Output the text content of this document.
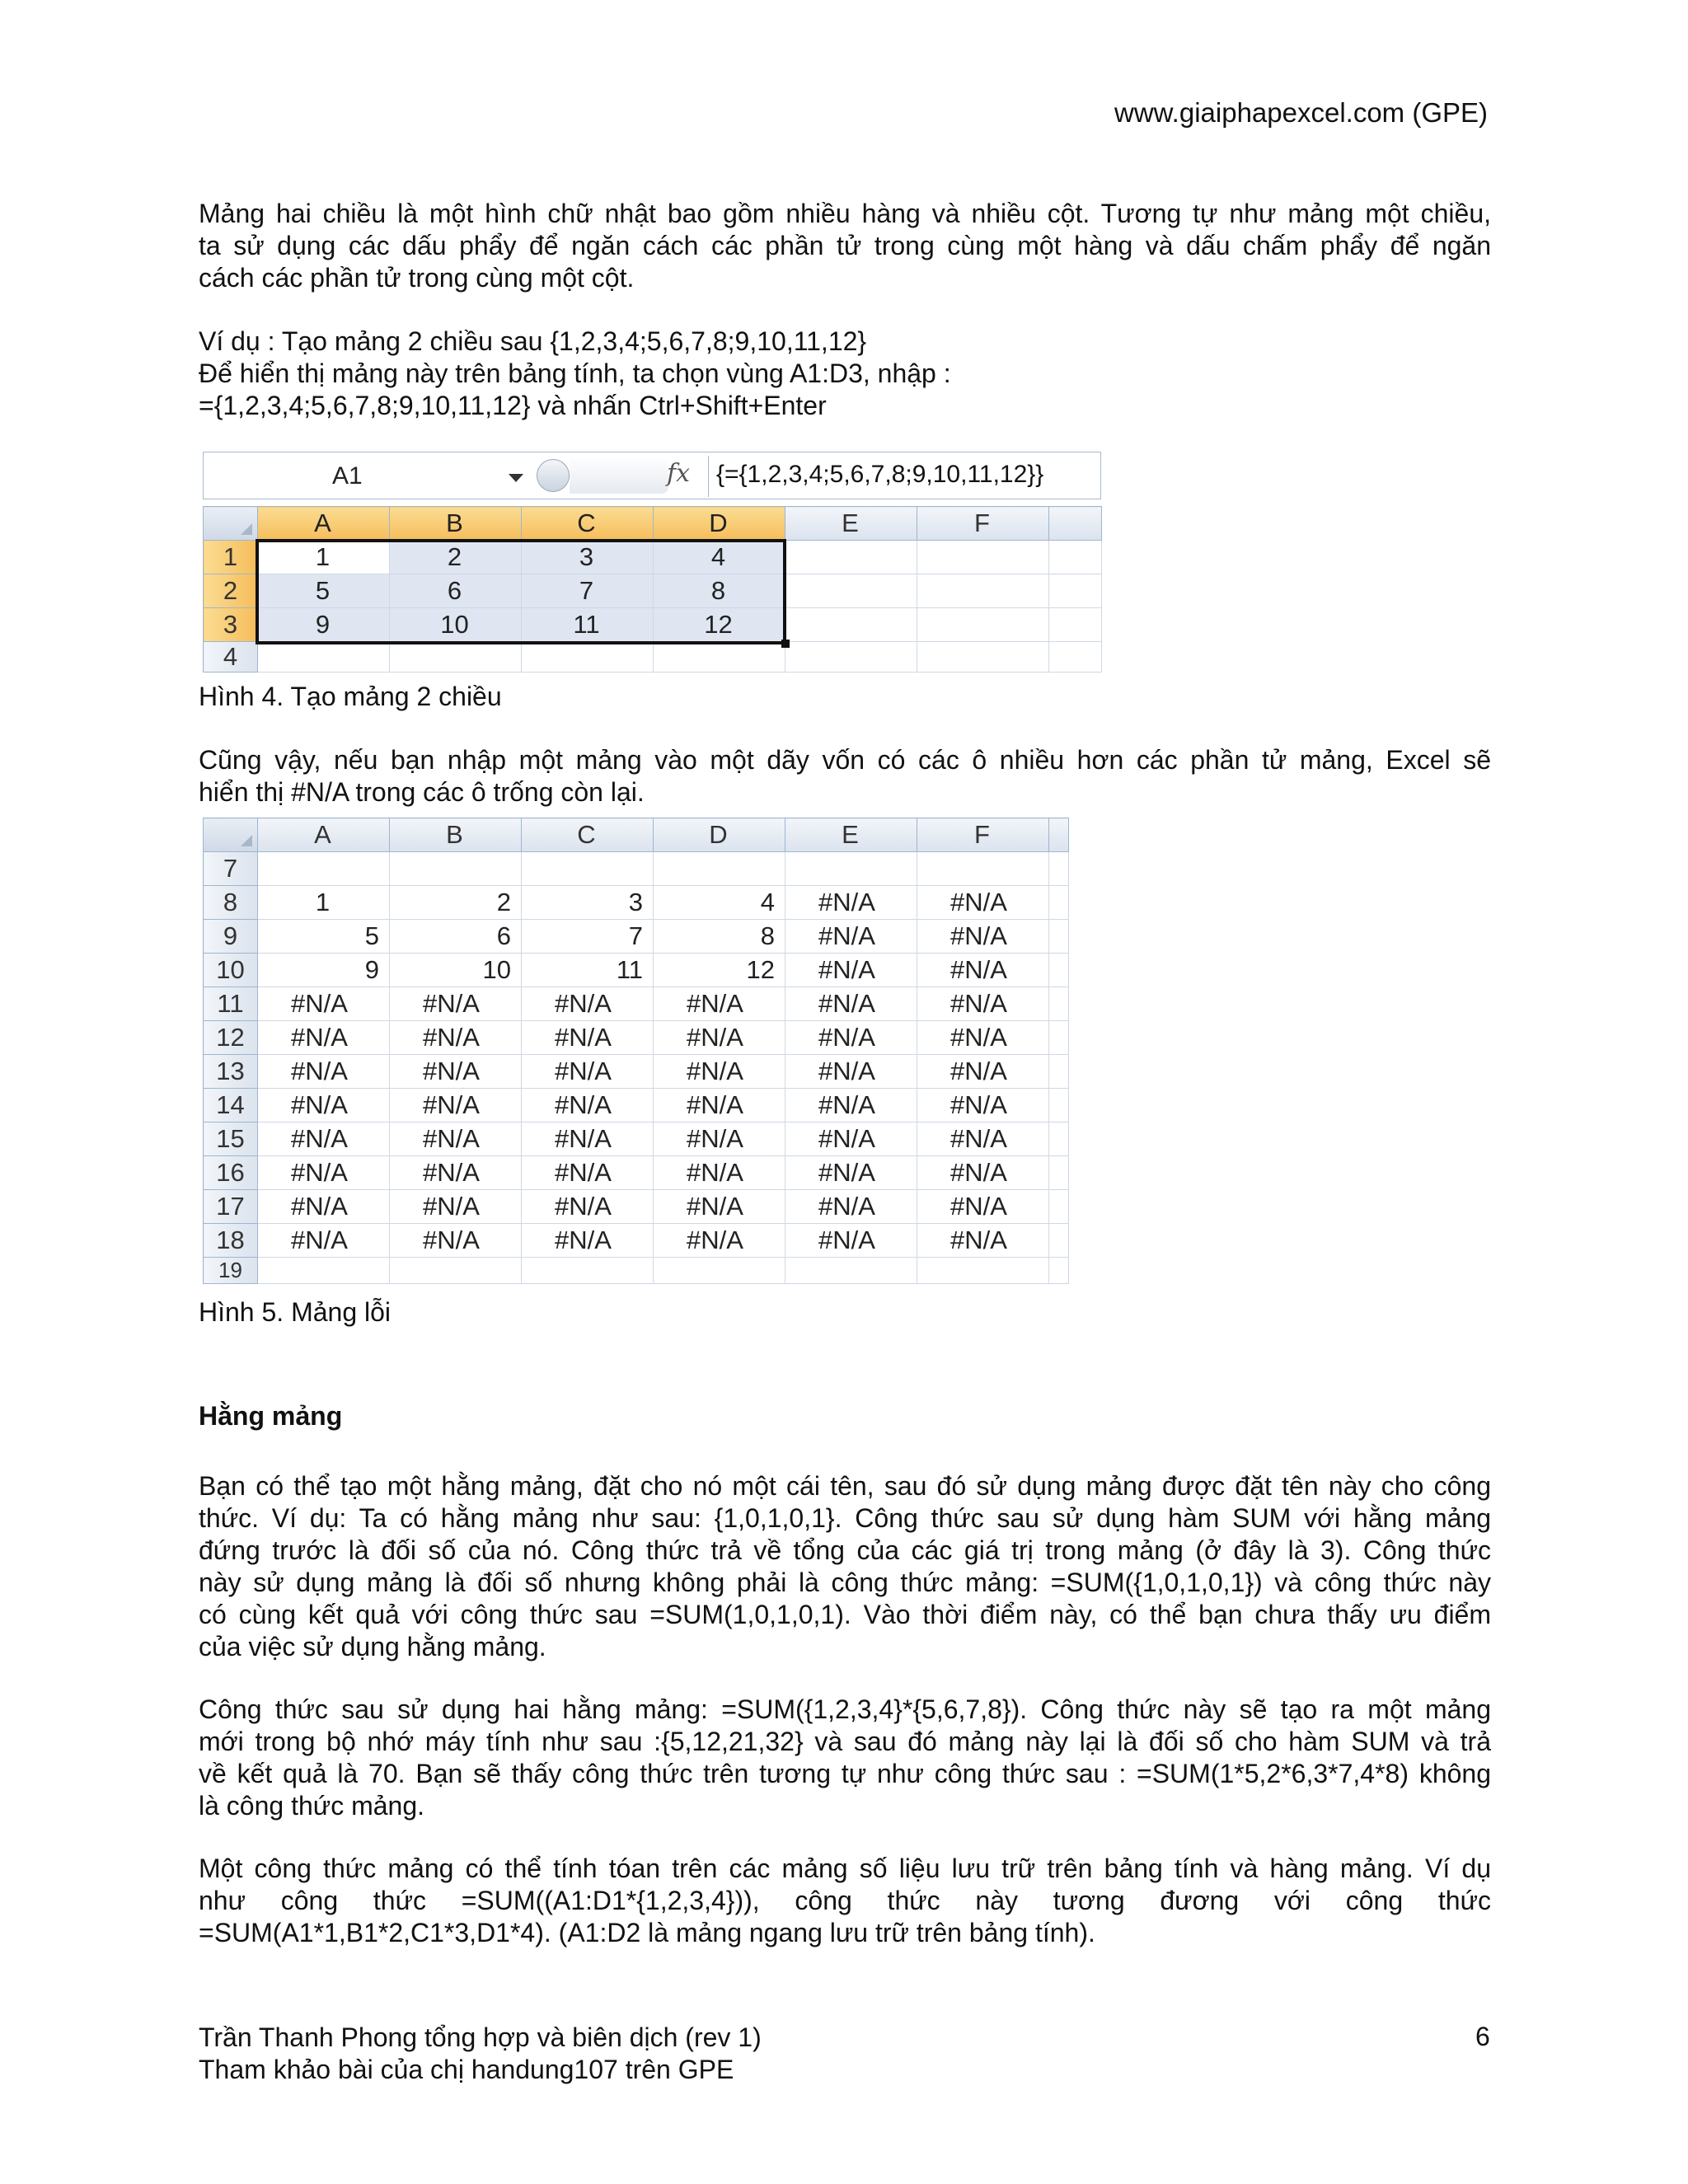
www.giaiphapexcel.com (GPE)
Mảng hai chiều là một hình chữ nhật bao gồm nhiều hàng và nhiều cột. Tương tự như mảng một chiều,
ta sử dụng các dấu phẩy để ngăn cách các phần tử trong cùng một hàng và dấu chấm phẩy để ngăn
cách các phần tử trong cùng một cột.
Ví dụ : Tạo mảng 2 chiều sau {1,2,3,4;5,6,7,8;9,10,11,12}
Để hiển thị mảng này trên bảng tính, ta chọn vùng A1:D3, nhập :
={1,2,3,4;5,6,7,8;9,10,11,12} và nhấn Ctrl+Shift+Enter
A1	fx {={1,2,3,4;5,6,7,8;9,10,11,12}}
	A	B	C	D	E	F	
1	1	2	3	4			
2	5	6	7	8			
3	9	10	11	12			
4							
Hình 4. Tạo mảng 2 chiều
Cũng vậy, nếu bạn nhập một mảng vào một dãy vốn có các ô nhiều hơn các phần tử mảng, Excel sẽ
hiển thị #N/A trong các ô trống còn lại.
	A	B	C	D	E	F	
7							
8	1	2	3	4	#N/A	#N/A	
9	5	6	7	8	#N/A	#N/A	
10	9	10	11	12	#N/A	#N/A	
11	#N/A	#N/A	#N/A	#N/A	#N/A	#N/A	
12	#N/A	#N/A	#N/A	#N/A	#N/A	#N/A	
13	#N/A	#N/A	#N/A	#N/A	#N/A	#N/A	
14	#N/A	#N/A	#N/A	#N/A	#N/A	#N/A	
15	#N/A	#N/A	#N/A	#N/A	#N/A	#N/A	
16	#N/A	#N/A	#N/A	#N/A	#N/A	#N/A	
17	#N/A	#N/A	#N/A	#N/A	#N/A	#N/A	
18	#N/A	#N/A	#N/A	#N/A	#N/A	#N/A	
19							
Hình 5. Mảng lỗi
Hằng mảng
Bạn có thể tạo một hằng mảng, đặt cho nó một cái tên, sau đó sử dụng mảng được đặt tên này cho công
thức. Ví dụ: Ta có hằng mảng như sau: {1,0,1,0,1}. Công thức sau sử dụng hàm SUM với hằng mảng
đứng trước là đối số của nó. Công thức trả về tổng của các giá trị trong mảng (ở đây là 3). Công thức
này sử dụng mảng là đối số nhưng không phải là công thức mảng: =SUM({1,0,1,0,1}) và công thức này
có cùng kết quả với công thức sau =SUM(1,0,1,0,1). Vào thời điểm này, có thể bạn chưa thấy ưu điểm
của việc sử dụng hằng mảng.
Công thức sau sử dụng hai hằng mảng: =SUM({1,2,3,4}*{5,6,7,8}). Công thức này sẽ tạo ra một mảng
mới trong bộ nhớ máy tính như sau :{5,12,21,32} và sau đó mảng này lại là đối số cho hàm SUM và trả
về kết quả là 70. Bạn sẽ thấy công thức trên tương tự như công thức sau : =SUM(1*5,2*6,3*7,4*8) không
là công thức mảng.
Một công thức mảng có thể tính tóan trên các mảng số liệu lưu trữ trên bảng tính và hàng mảng. Ví dụ
như công thức =SUM((A1:D1*{1,2,3,4})), công thức này tương đương với công thức
=SUM(A1*1,B1*2,C1*3,D1*4). (A1:D2 là mảng ngang lưu trữ trên bảng tính).
Trần Thanh Phong tổng hợp và biên dịch (rev 1)
Tham khảo bài của chị handung107 trên GPE
6
